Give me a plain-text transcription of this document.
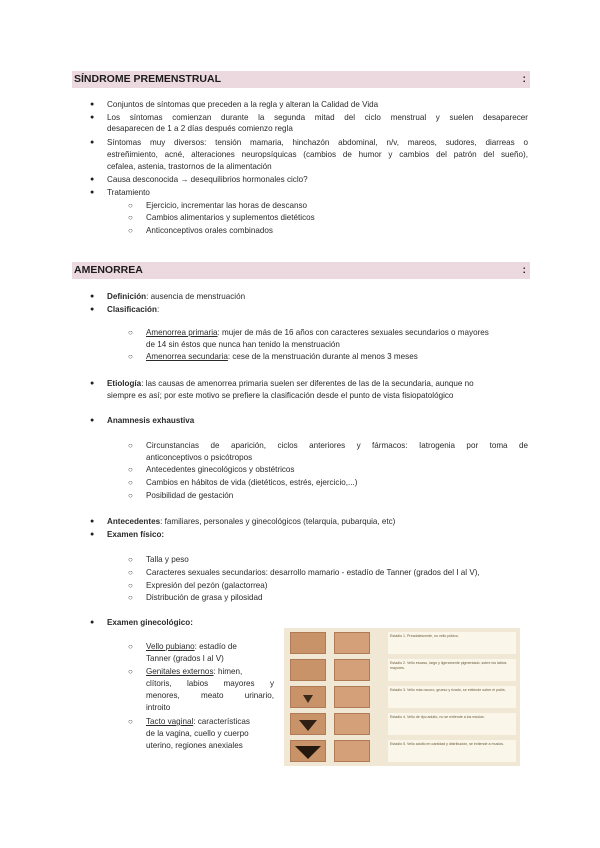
SÍNDROME PREMENSTRUAL	:
● Conjuntos de síntomas que preceden a la regla y alteran la Calidad de Vida
● Los síntomas comienzan durante la segunda mitad del ciclo menstrual y suelen desaparecer
desaparecen de 1 a 2 días después comienzo regla
● Síntomas muy diversos: tensión mamaria, hinchazón abdominal, n/v, mareos, sudores, diarreas o
estreñimiento, acné, alteraciones neuropsíquicas (cambios de humor y cambios del patrón del sueño),
cefalea, astenia, trastornos de la alimentación
● Causa desconocida → desequilibrios hormonales ciclo?
● Tratamiento
○ Ejercicio, incrementar las horas de descanso
○ Cambios alimentarios y suplementos dietéticos
○ Anticonceptivos orales combinados
AMENORREA	:
● Definición: ausencia de menstruación
● Clasificación:
○ Amenorrea primaria: mujer de más de 16 años con caracteres sexuales secundarios o mayores
de 14 sin éstos que nunca han tenido la menstruación
○ Amenorrea secundaria: cese de la menstruación durante al menos 3 meses
● Etiología: las causas de amenorrea primaria suelen ser diferentes de las de la secundaria, aunque no
siempre es así; por este motivo se prefiere la clasificación desde el punto de vista fisiopatológico
● Anamnesis exhaustiva
○ Circunstancias de aparición, ciclos anteriores y fármacos: Iatrogenia por toma de
anticonceptivos o psicótropos
○ Antecedentes ginecológicos y obstétricos
○ Cambios en hábitos de vida (dietéticos, estrés, ejercicio,...)
○ Posibilidad de gestación
● Antecedentes: familiares, personales y ginecológicos (telarquia, pubarquia, etc)
● Examen físico:
○ Talla y peso
○ Caracteres sexuales secundarios: desarrollo mamario - estadío de Tanner (grados del I al V),
○ Expresión del pezón (galactorrea)
○ Distribución de grasa y pilosidad
● Examen ginecológico:
○ Vello pubiano: estadío de
Tanner (grados I al V)
○ Genitales externos: himen,
clítoris, labios mayores y
menores, meato urinario,
introito
○ Tacto vaginal: características
de la vagina, cuello y cuerpo
uterino, regiones anexiales
Estadio 1. Preadolescente, no vello púbico.
Estadio 2. Vello escaso, largo y ligeramente pigmentado, sobre los labios mayores.
Estadio 3. Vello más oscuro, grueso y rizado, se extiende sobre el pubis.
Estadio 4. Vello de tipo adulto, no se extiende a los muslos.
Estadio 5. Vello adulto en cantidad y distribución, se extiende a muslos.
